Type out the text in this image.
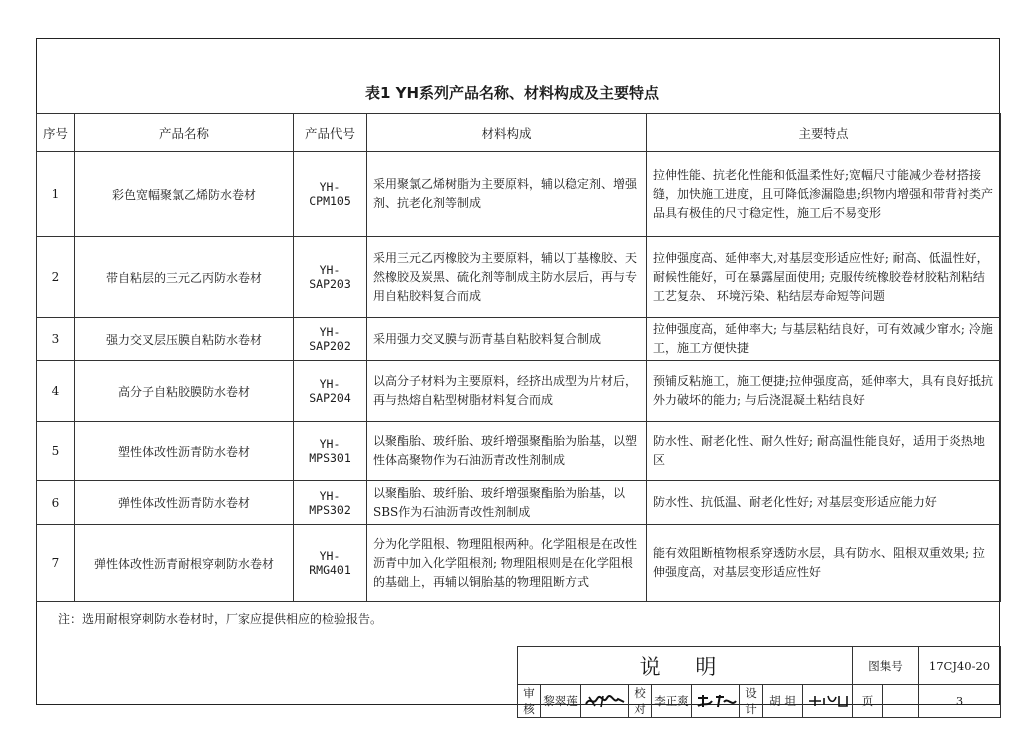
表1 YH系列产品名称、材料构成及主要特点
序号	产品名称	产品代号	材料构成	主要特点
1	彩色宽幅聚氯乙烯防水卷材	YH-CPM105	采用聚氯乙烯树脂为主要原料，辅以稳定剂、增强剂、抗老化剂等制成	拉伸性能、抗老化性能和低温柔性好;宽幅尺寸能减少卷材搭接缝，加快施工进度，且可降低渗漏隐患;织物内增强和带背衬类产品具有极佳的尺寸稳定性，施工后不易变形
2	带自粘层的三元乙丙防水卷材	YH-SAP203	采用三元乙丙橡胶为主要原料，辅以丁基橡胶、天然橡胶及炭黑、硫化剂等制成主防水层后，再与专用自粘胶料复合而成	拉伸强度高、延伸率大,对基层变形适应性好; 耐高、低温性好，耐候性能好，可在暴露屋面使用; 克服传统橡胶卷材胶粘剂粘结工艺复杂、 环境污染、粘结层寿命短等问题
3	强力交叉层压膜自粘防水卷材	YH-SAP202	采用强力交叉膜与沥青基自粘胶料复合制成	拉伸强度高，延伸率大; 与基层粘结良好，可有效减少窜水; 冷施工，施工方便快捷
4	高分子自粘胶膜防水卷材	YH-SAP204	以高分子材料为主要原料，经挤出成型为片材后，再与热熔自粘型树脂材料复合而成	预铺反粘施工，施工便捷;拉伸强度高，延伸率大，具有良好抵抗外力破坏的能力; 与后浇混凝土粘结良好
5	塑性体改性沥青防水卷材	YH-MPS301	以聚酯胎、玻纤胎、玻纤增强聚酯胎为胎基，以塑性体高聚物作为石油沥青改性剂制成	防水性、耐老化性、耐久性好; 耐高温性能良好，适用于炎热地区
6	弹性体改性沥青防水卷材	YH-MPS302	以聚酯胎、玻纤胎、玻纤增强聚酯胎为胎基，以SBS作为石油沥青改性剂制成	防水性、抗低温、耐老化性好; 对基层变形适应能力好
7	弹性体改性沥青耐根穿刺防水卷材	YH-RMG401	分为化学阻根、物理阻根两种。化学阻根是在改性沥青中加入化学阻根剂; 物理阻根则是在化学阻根的基础上，再辅以铜胎基的物理阻断方式	能有效阻断植物根系穿透防水层，具有防水、阻根双重效果; 拉伸强度高，对基层变形适应性好
注：选用耐根穿刺防水卷材时，厂家应提供相应的检验报告。
说 明									图集号		17CJ40-20
审核	黎翠莲		校对	李正爽		设计	胡 坦		页		3
